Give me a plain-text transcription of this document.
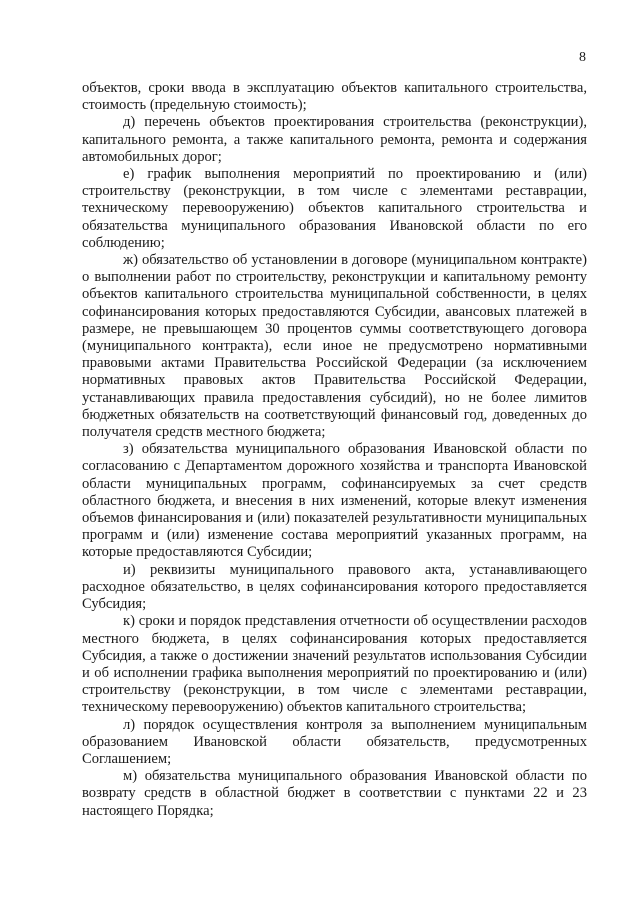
8

объектов, сроки ввода в эксплуатацию объектов капитального строительства, стоимость (предельную стоимость);

д) перечень объектов проектирования строительства (реконструкции), капитального ремонта, а также капитального ремонта, ремонта и содержания автомобильных дорог;

е) график выполнения мероприятий по проектированию и (или) строительству (реконструкции, в том числе с элементами реставрации, техническому перевооружению) объектов капитального строительства и обязательства муниципального образования Ивановской области по его соблюдению;

ж) обязательство об установлении в договоре (муниципальном контракте) о выполнении работ по строительству, реконструкции и капитальному ремонту объектов капитального строительства муниципальной собственности, в целях софинансирования которых предоставляются Субсидии, авансовых платежей в размере, не превышающем 30 процентов суммы соответствующего договора (муниципального контракта), если иное не предусмотрено нормативными правовыми актами Правительства Российской Федерации (за исключением нормативных правовых актов Правительства Российской Федерации, устанавливающих правила предоставления субсидий), но не более лимитов бюджетных обязательств на соответствующий финансовый год, доведенных до получателя средств местного бюджета;

з) обязательства муниципального образования Ивановской области по согласованию с Департаментом дорожного хозяйства и транспорта Ивановской области муниципальных программ, софинансируемых за счет средств областного бюджета, и внесения в них изменений, которые влекут изменения объемов финансирования и (или) показателей результативности муниципальных программ и (или) изменение состава мероприятий указанных программ, на которые предоставляются Субсидии;

и) реквизиты муниципального правового акта, устанавливающего расходное обязательство, в целях софинансирования которого предоставляется Субсидия;

к) сроки и порядок представления отчетности об осуществлении расходов местного бюджета, в целях софинансирования которых предоставляется Субсидия, а также о достижении значений результатов использования Субсидии и об исполнении графика выполнения мероприятий по проектированию и (или) строительству (реконструкции, в том числе с элементами реставрации, техническому перевооружению) объектов капитального строительства;

л) порядок осуществления контроля за выполнением муниципальным образованием Ивановской области обязательств, предусмотренных Соглашением;

м) обязательства муниципального образования Ивановской области по возврату средств в областной бюджет в соответствии с пунктами 22 и 23 настоящего Порядка;
